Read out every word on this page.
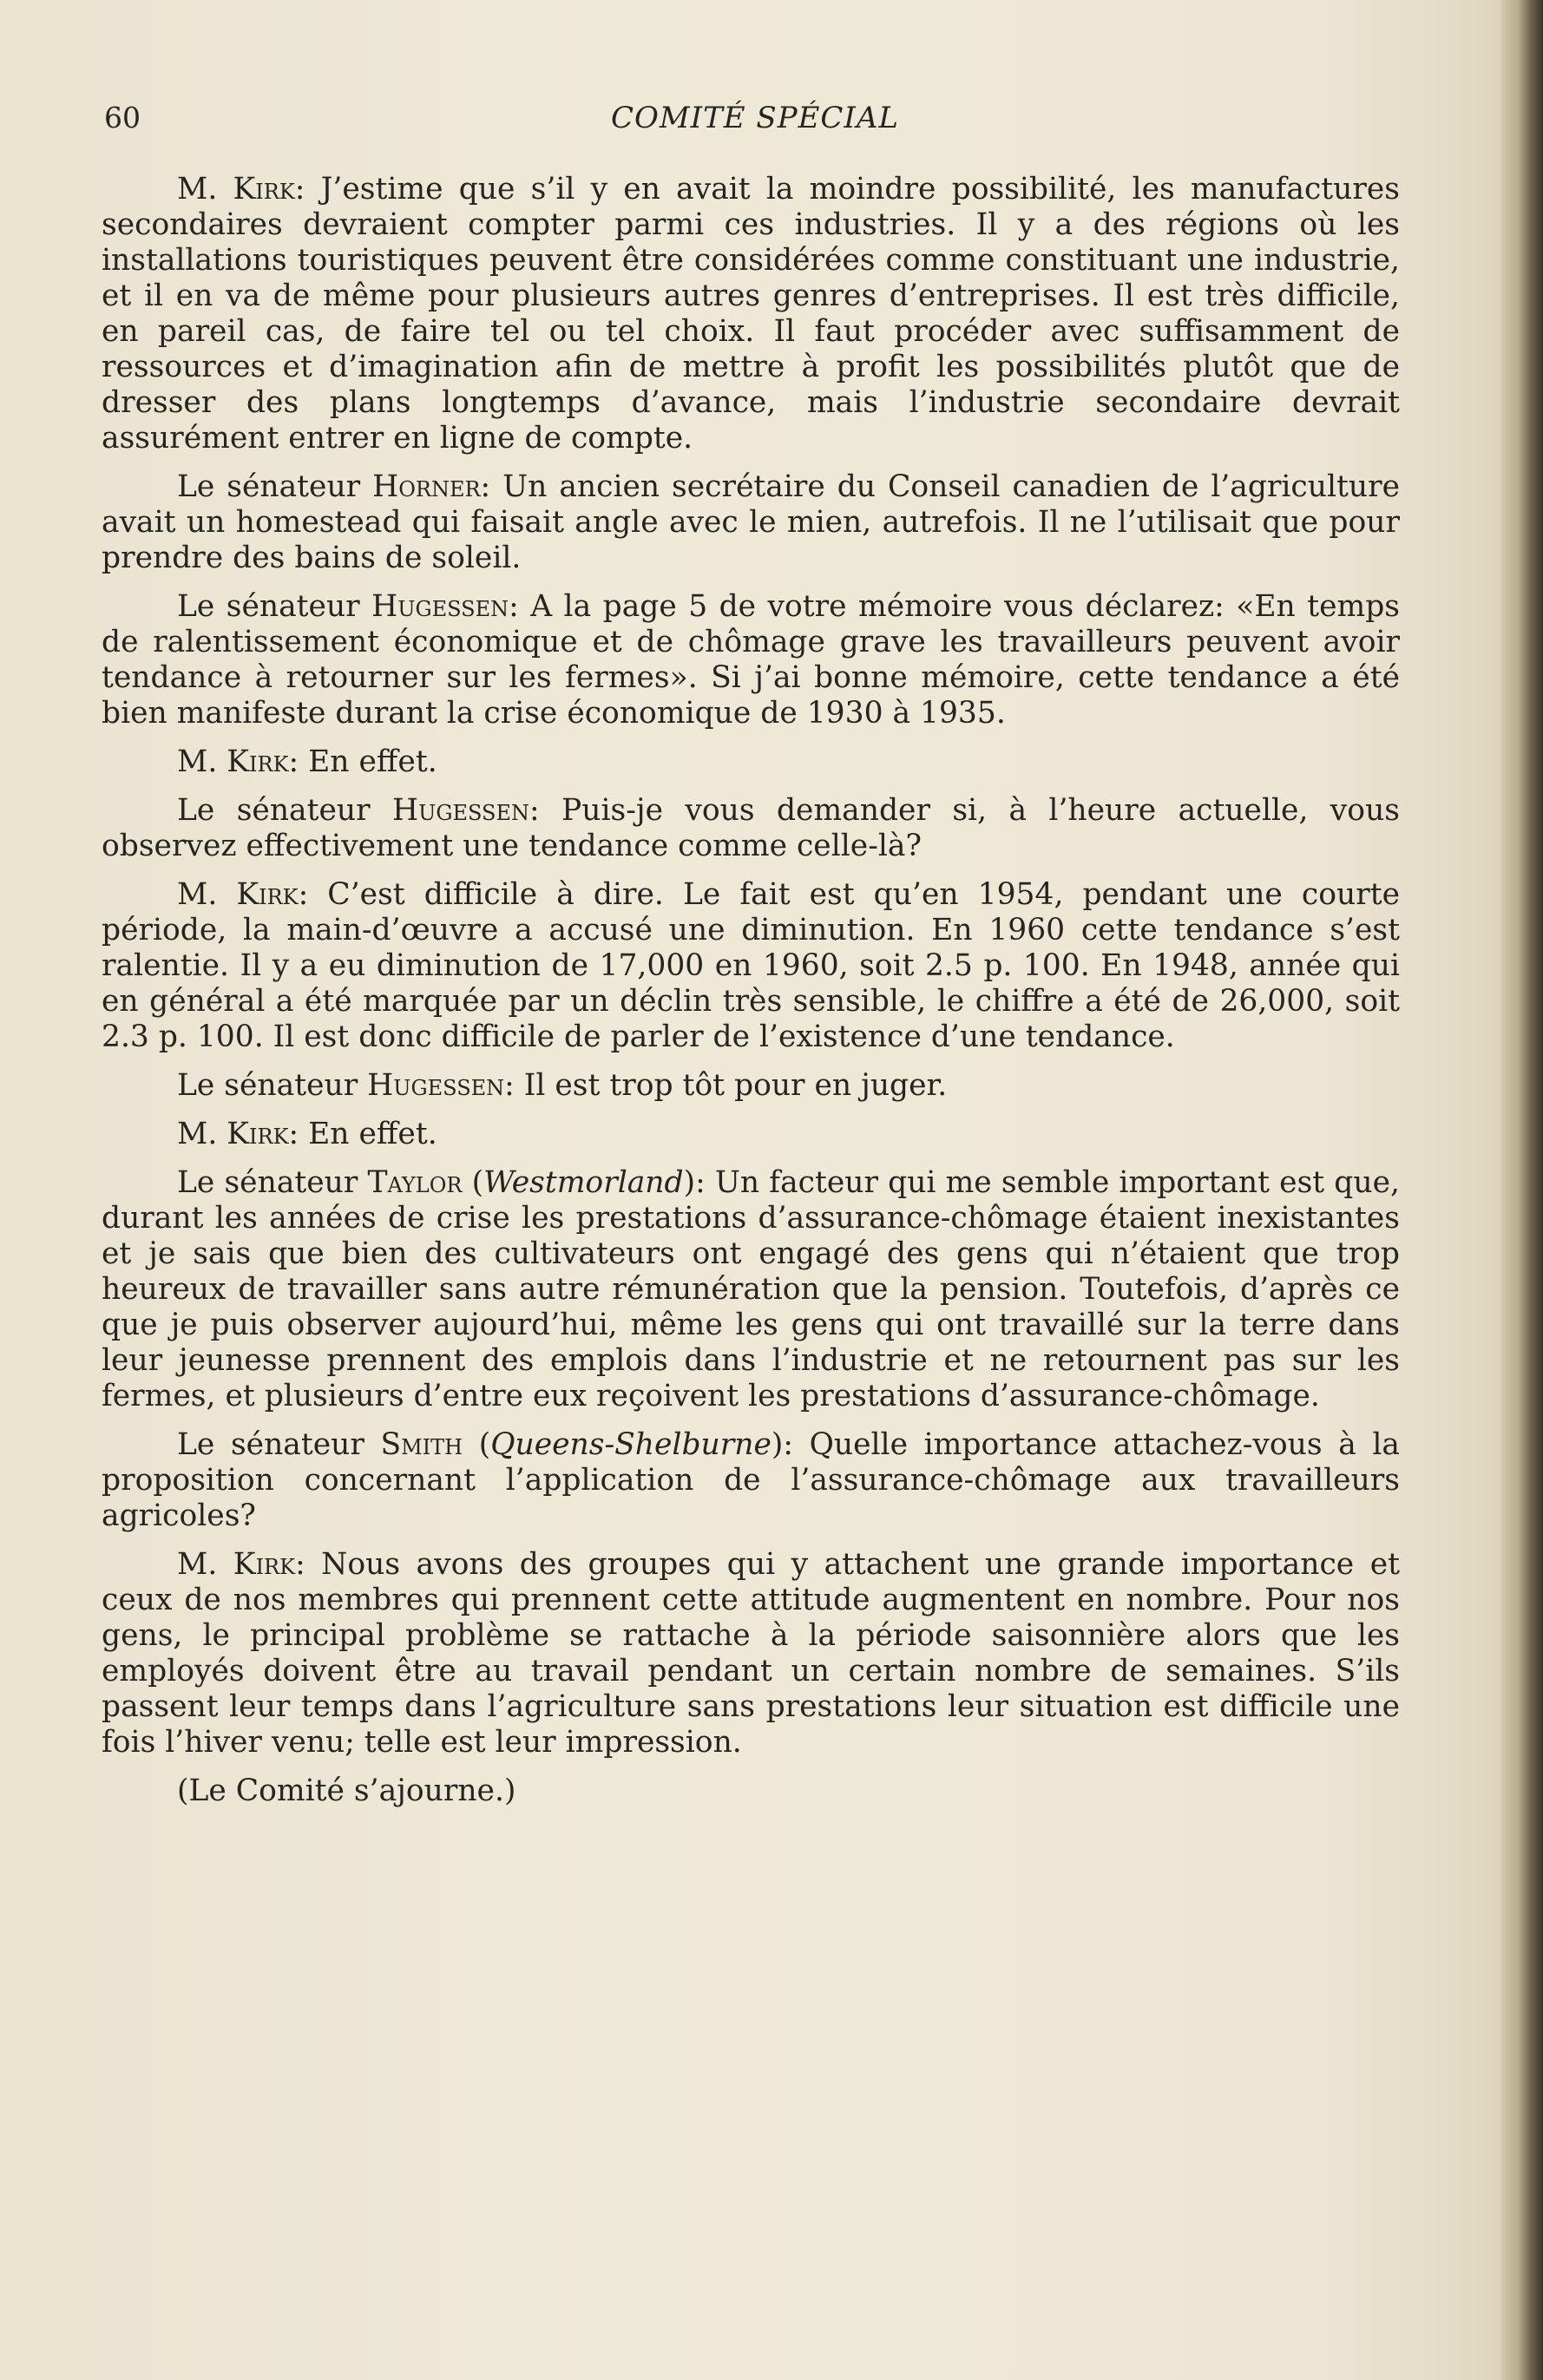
60	COMITÉ SPÉCIAL

M. Kirk: J’estime que s’il y en avait la moindre possibilité, les manufactures secondaires devraient compter parmi ces industries. Il y a des régions où les installations touristiques peuvent être considérées comme constituant une industrie, et il en va de même pour plusieurs autres genres d’entreprises. Il est très difficile, en pareil cas, de faire tel ou tel choix. Il faut procéder avec suffisamment de ressources et d’imagination afin de mettre à profit les possibilités plutôt que de dresser des plans longtemps d’avance, mais l’industrie secondaire devrait assurément entrer en ligne de compte.

Le sénateur Horner: Un ancien secrétaire du Conseil canadien de l’agriculture avait un homestead qui faisait angle avec le mien, autrefois. Il ne l’utilisait que pour prendre des bains de soleil.

Le sénateur Hugessen: A la page 5 de votre mémoire vous déclarez: «En temps de ralentissement économique et de chômage grave les travailleurs peuvent avoir tendance à retourner sur les fermes». Si j’ai bonne mémoire, cette tendance a été bien manifeste durant la crise économique de 1930 à 1935.

M. Kirk: En effet.

Le sénateur Hugessen: Puis-je vous demander si, à l’heure actuelle, vous observez effectivement une tendance comme celle-là?

M. Kirk: C’est difficile à dire. Le fait est qu’en 1954, pendant une courte période, la main-d’œuvre a accusé une diminution. En 1960 cette tendance s’est ralentie. Il y a eu diminution de 17,000 en 1960, soit 2.5 p. 100. En 1948, année qui en général a été marquée par un déclin très sensible, le chiffre a été de 26,000, soit 2.3 p. 100. Il est donc difficile de parler de l’existence d’une tendance.

Le sénateur Hugessen: Il est trop tôt pour en juger.

M. Kirk: En effet.

Le sénateur Taylor (Westmorland): Un facteur qui me semble important est que, durant les années de crise les prestations d’assurance-chômage étaient inexistantes et je sais que bien des cultivateurs ont engagé des gens qui n’étaient que trop heureux de travailler sans autre rémunération que la pension. Toutefois, d’après ce que je puis observer aujourd’hui, même les gens qui ont travaillé sur la terre dans leur jeunesse prennent des emplois dans l’industrie et ne retournent pas sur les fermes, et plusieurs d’entre eux reçoivent les prestations d’assurance-chômage.

Le sénateur Smith (Queens-Shelburne): Quelle importance attachez-vous à la proposition concernant l’application de l’assurance-chômage aux travailleurs agricoles?

M. Kirk: Nous avons des groupes qui y attachent une grande importance et ceux de nos membres qui prennent cette attitude augmentent en nombre. Pour nos gens, le principal problème se rattache à la période saisonnière alors que les employés doivent être au travail pendant un certain nombre de semaines. S’ils passent leur temps dans l’agriculture sans prestations leur situation est difficile une fois l’hiver venu; telle est leur impression.

(Le Comité s’ajourne.)
